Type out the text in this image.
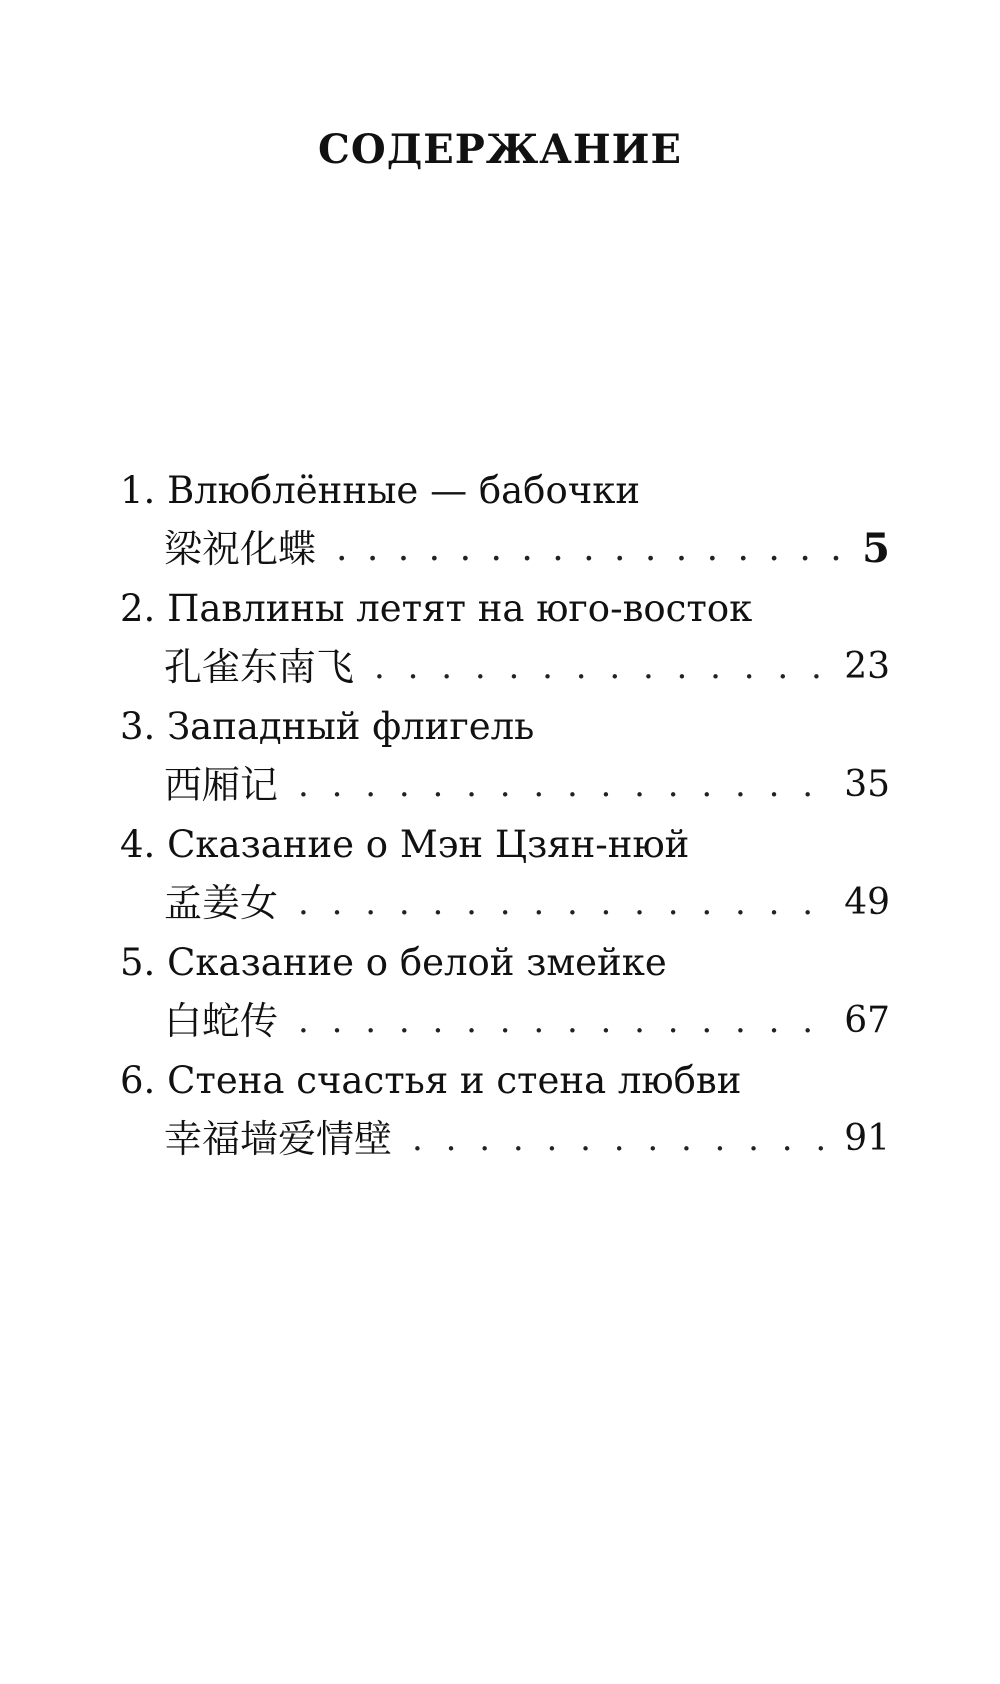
СОДЕРЖАНИЕ
1. Влюблённые — бабочки
梁祝化蝶 . . .	5
2. Павлины летят на юго-восток
孔雀东南飞 . . .	23
3. Западный флигель
西厢记 . . .	35
4. Сказание о Мэн Цзян-нюй
孟姜女 . . .	49
5. Сказание о белой змейке
白蛇传 . . .	67
6. Стена счастья и стена любви
幸福墙爱情壁 . . .	91
